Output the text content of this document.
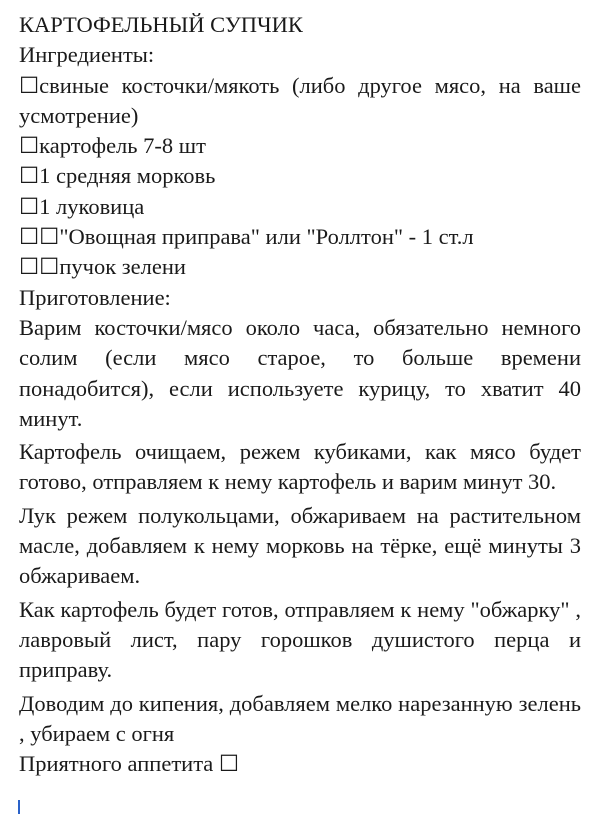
КАРТОФЕЛЬНЫЙ СУПЧИК
Ингредиенты:
☐свиные косточки/мякоть (либо другое мясо, на ваше усмотрение)
☐картофель 7-8 шт
☐1 средняя морковь
☐1 луковица
☐☐"Овощная приправа" или "Роллтон" - 1 ст.л
☐☐пучок зелени
Приготовление:
Варим косточки/мясо около часа, обязательно немного солим (если мясо старое, то больше времени понадобится), если используете курицу, то хватит 40 минут.
Картофель очищаем, режем кубиками, как мясо будет готово, отправляем к нему картофель и варим минут 30.
Лук режем полукольцами, обжариваем на растительном масле, добавляем к нему морковь на тёрке, ещё минуты 3 обжариваем.
Как картофель будет готов, отправляем к нему "обжарку" , лавровый лист, пару горошков душистого перца и приправу.
Доводим до кипения, добавляем мелко нарезанную зелень , убираем с огня
Приятного аппетита ☐
